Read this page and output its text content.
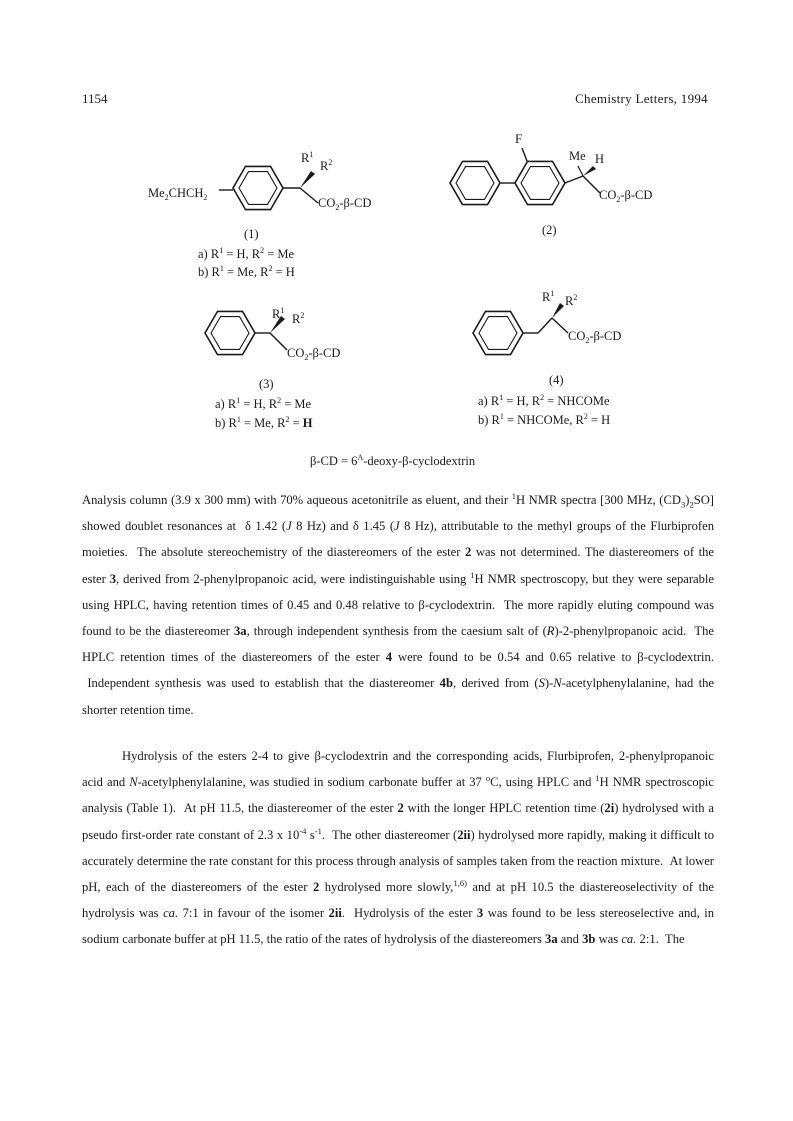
1154	Chemistry Letters, 1994
$Me_2CHCH_2$
$R^1$
$R^2$
$CO_2-\beta-CD$
(1)
a) $R^1 = H$, $R^2 = Me$
b) $R^1 = Me$, $R^2 = H$
F
Me H
$CO_2-\beta-CD$
(2)
$R^1$
$R^2$
$CO_2-\beta-CD$
(3)
a) $R^1 = H$, $R^2 = Me$
b) $R^1 = Me$, $R^2 = H$
$R^1$
$R^2$
$CO_2-\beta-CD$
(4)
a) $R^1 = H$, $R^2$ = NHCOMe
b) $R^1$ = NHCOMe, $R^2 = H$
$\beta-CD = 6^A-deoxy-\beta$-cyclodextrin

Analysis column (3.9 x 300 mm) with 70% aqueous acetonitrile as eluent, and their $^1$H NMR spectra [300 MHz, $(CD_3)_2SO$] showed doublet resonances at  δ 1.42 (J 8 Hz) and δ 1.45 (J 8 Hz), attributable to the methyl groups of the Flurbiprofen moieties.  The absolute stereochemistry of the diastereomers of the ester 2 was not determined. The diastereomers of the ester 3, derived from 2-phenylpropanoic acid, were indistinguishable using $^1$H NMR spectroscopy, but they were separable using HPLC, having retention times of 0.45 and 0.48 relative to β-cyclodextrin.  The more rapidly eluting compound was found to be the diastereomer 3a, through independent synthesis from the caesium salt of (R)-2-phenylpropanoic acid.  The HPLC retention times of the diastereomers of the ester 4 were found to be 0.54 and 0.65 relative to β-cyclodextrin.  Independent synthesis was used to establish that the diastereomer 4b, derived from (S)-N-acetylphenylalanine, had the shorter retention time.

Hydrolysis of the esters 2-4 to give β-cyclodextrin and the corresponding acids, Flurbiprofen, 2-phenylpropanoic acid and N-acetylphenylalanine, was studied in sodium carbonate buffer at 37 $^o$C, using HPLC and $^1$H NMR spectroscopic analysis (Table 1).  At pH 11.5, the diastereomer of the ester 2 with the longer HPLC retention time (2i) hydrolysed with a pseudo first-order rate constant of 2.3 x $10^{-4}$ $s^{-1}$.  The other diastereomer (2ii) hydrolysed more rapidly, making it difficult to accurately determine the rate constant for this process through analysis of samples taken from the reaction mixture.  At lower pH, each of the diastereomers of the ester 2 hydrolysed more slowly,$^{1,6)}$ and at pH 10.5 the diastereoselectivity of the hydrolysis was ca. 7:1 in favour of the isomer 2ii.  Hydrolysis of the ester 3 was found to be less stereoselective and, in sodium carbonate buffer at pH 11.5, the ratio of the rates of hydrolysis of the diastereomers 3a and 3b was ca. 2:1.  The
